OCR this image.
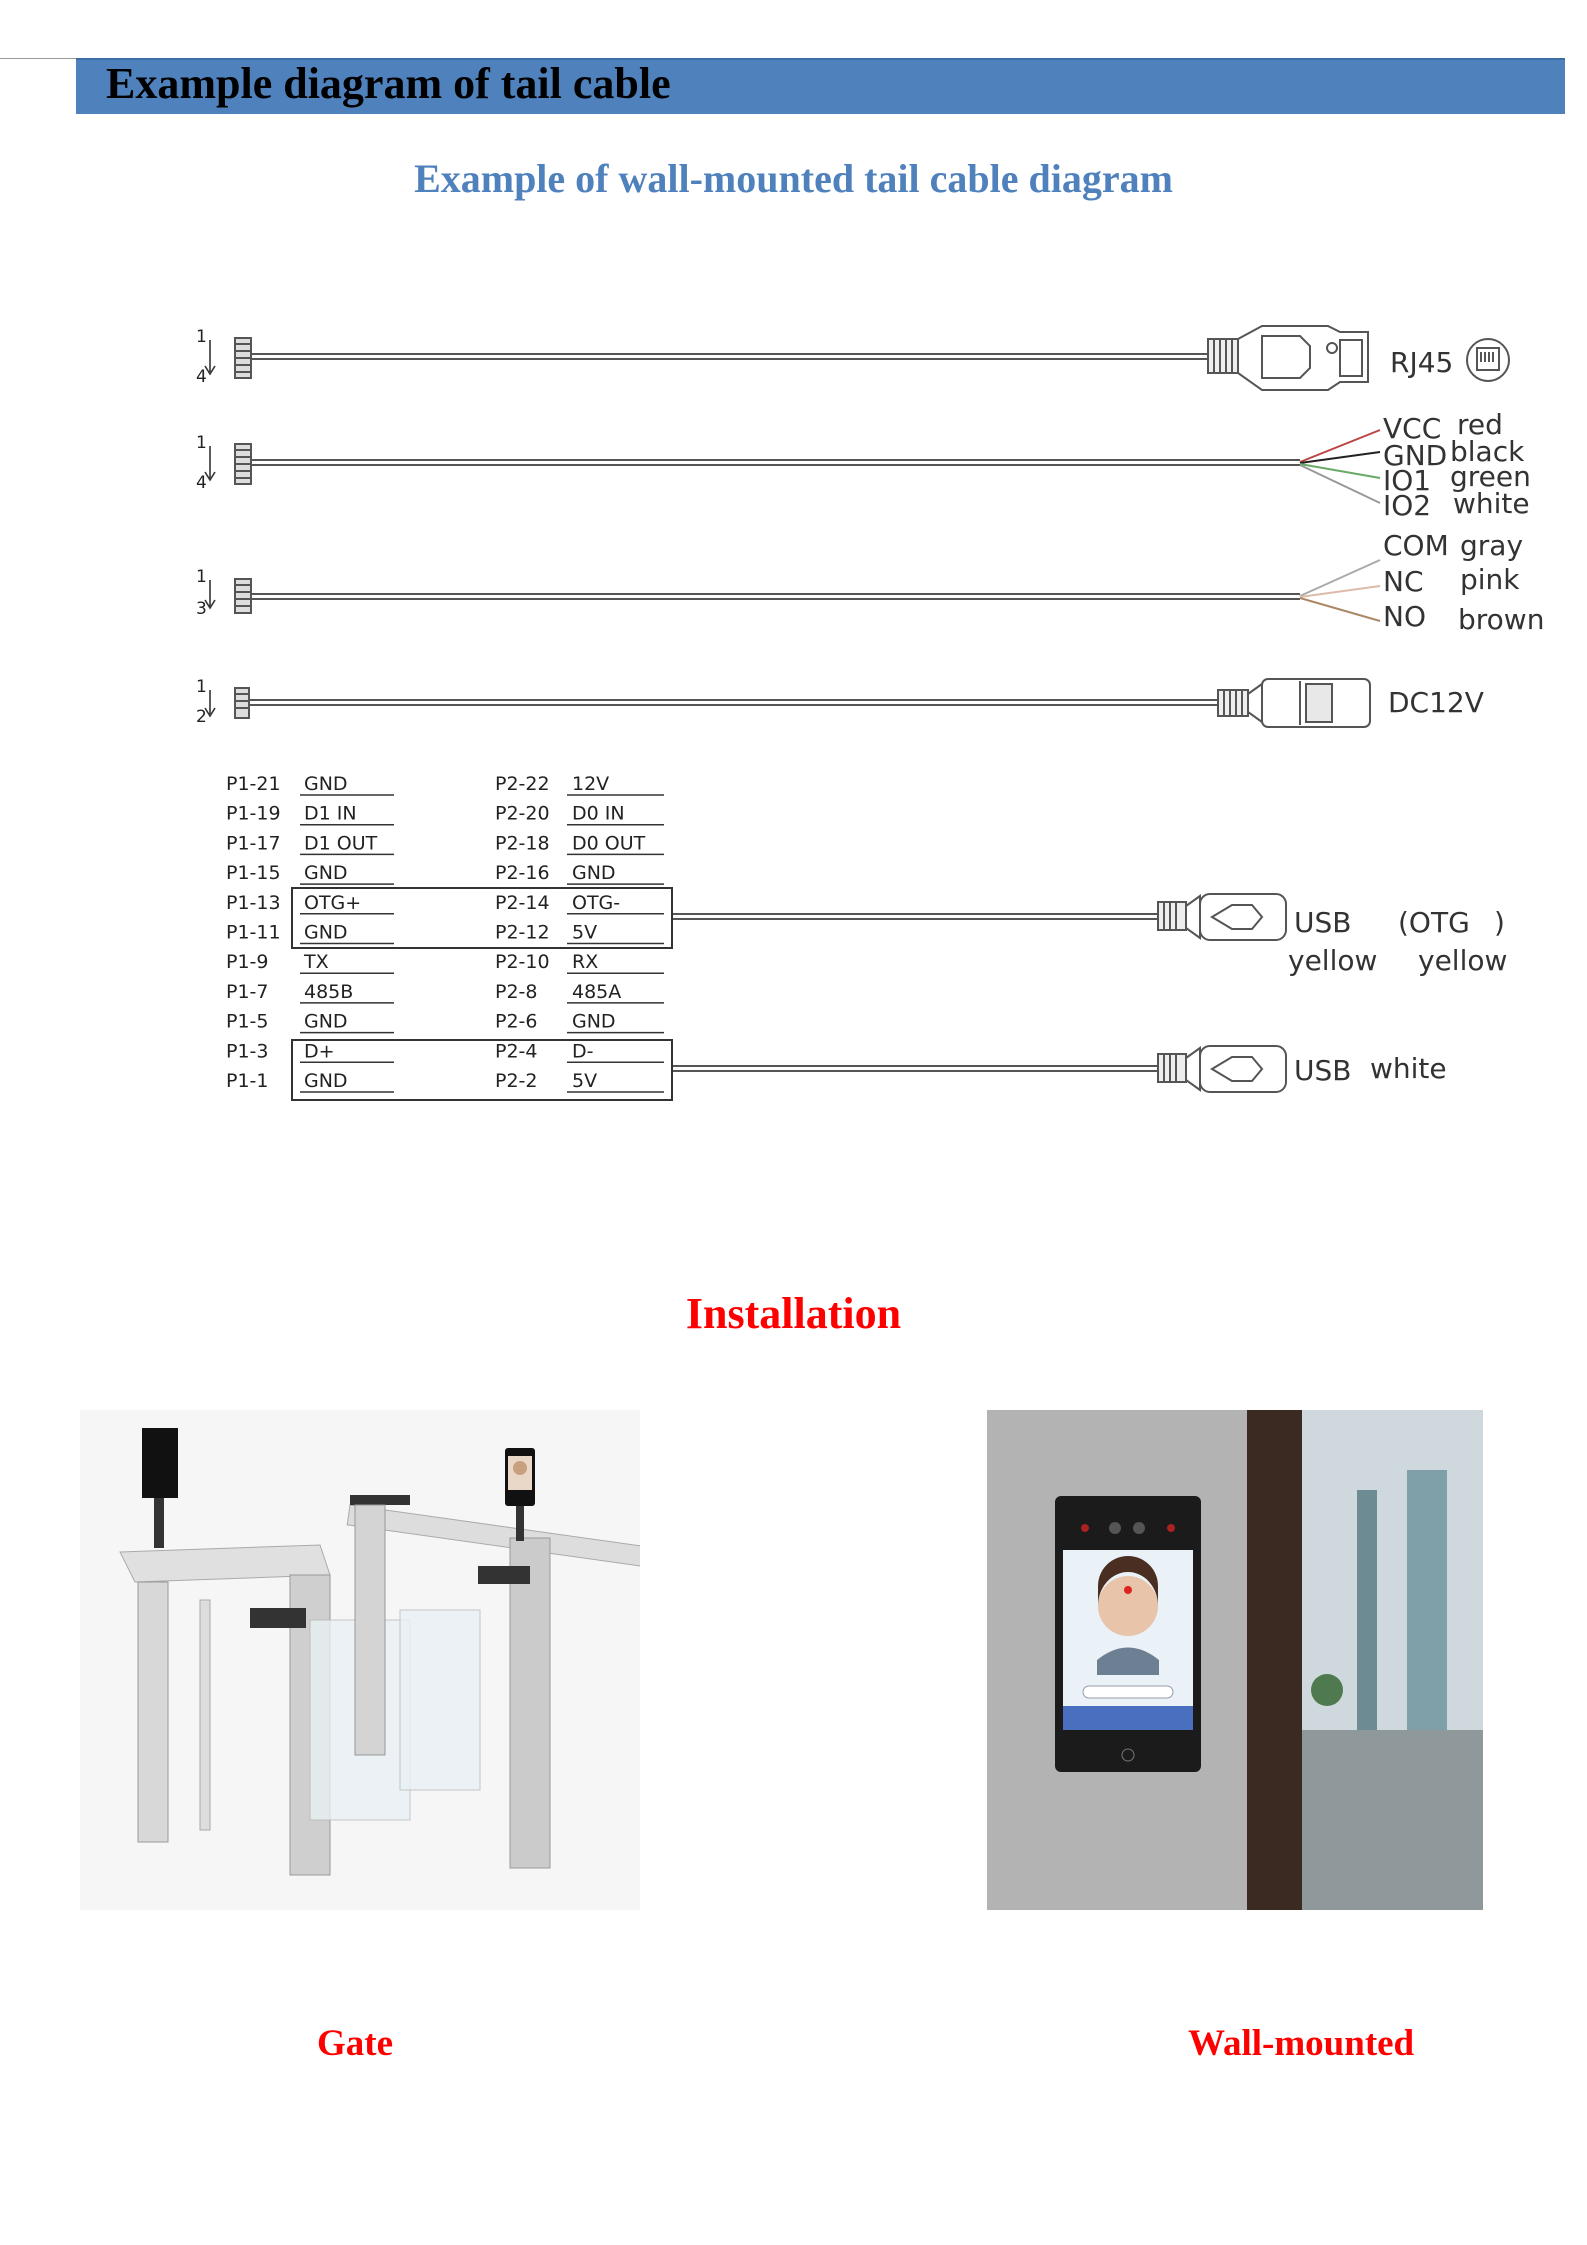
Example diagram of tail cable
Example of wall-mounted tail cable diagram
1
4
1
4
1
3
1
2
RJ45
DC12V
VCC
GND
IO1
IO2
red
black
green
white
COM
NC
NO
gray
pink
brown
USB (OTG )
yellow yellow
USB white
P1-21 GND	P2-22 12V
P1-19 D1 IN	P2-20 D0 IN
P1-17 D1 OUT	P2-18 D0 OUT
P1-15 GND	P2-16 GND
P1-13 OTG+	P2-14 OTG-
P1-11 GND	P2-12 5V
P1-9 TX	P2-10 RX
P1-7 485B	P2-8 485A
P1-5 GND	P2-6 GND
P1-3 D+	P2-4 D-
P1-1 GND	P2-2 5V
Installation
Gate	Wall-mounted
